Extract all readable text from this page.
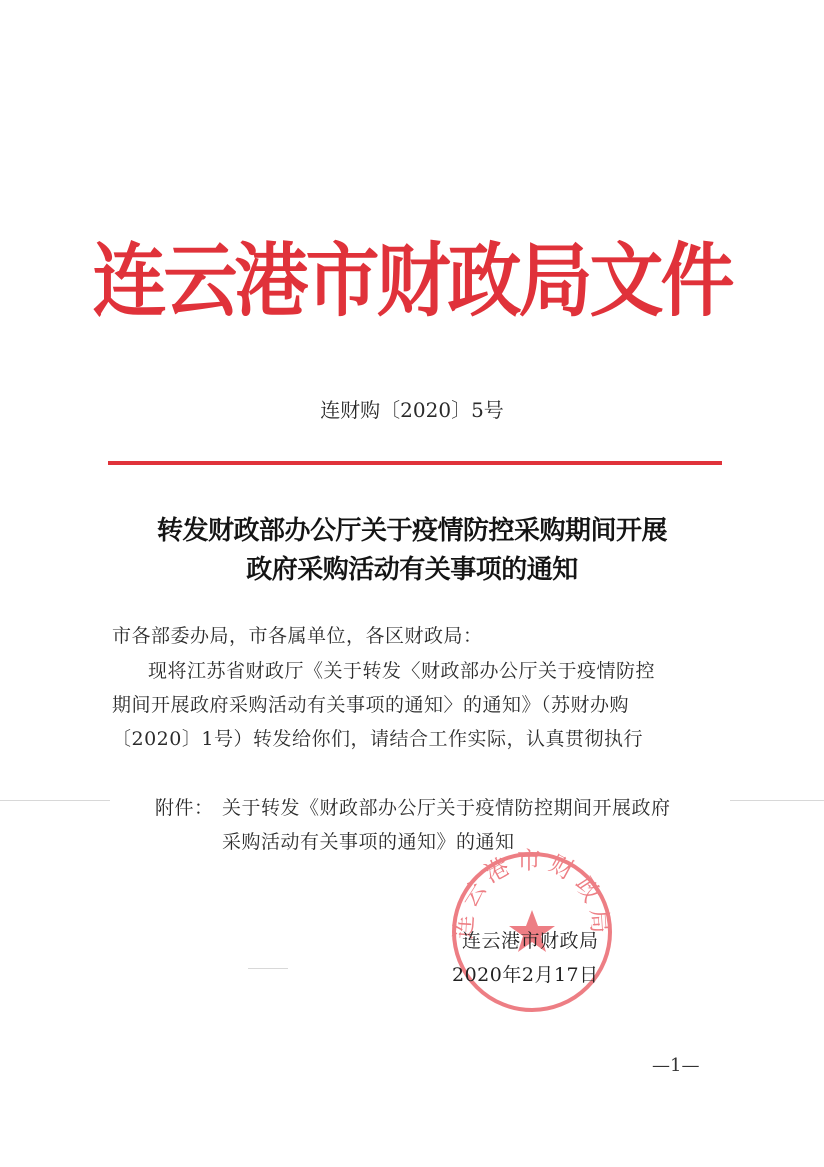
连云港市财政局文件
连财购〔2020〕5号
转发财政部办公厅关于疫情防控采购期间开展
政府采购活动有关事项的通知
市各部委办局，市各属单位，各区财政局：
现将江苏省财政厅《关于转发〈财政部办公厅关于疫情防控
期间开展政府采购活动有关事项的通知〉的通知》（苏财办购
〔2020〕1号）转发给你们，请结合工作实际，认真贯彻执行
附件： 关于转发《财政部办公厅关于疫情防控期间开展政府
采购活动有关事项的通知》的通知
连云港市财政局
连云港市财政局
2020年2月17日
—1—
